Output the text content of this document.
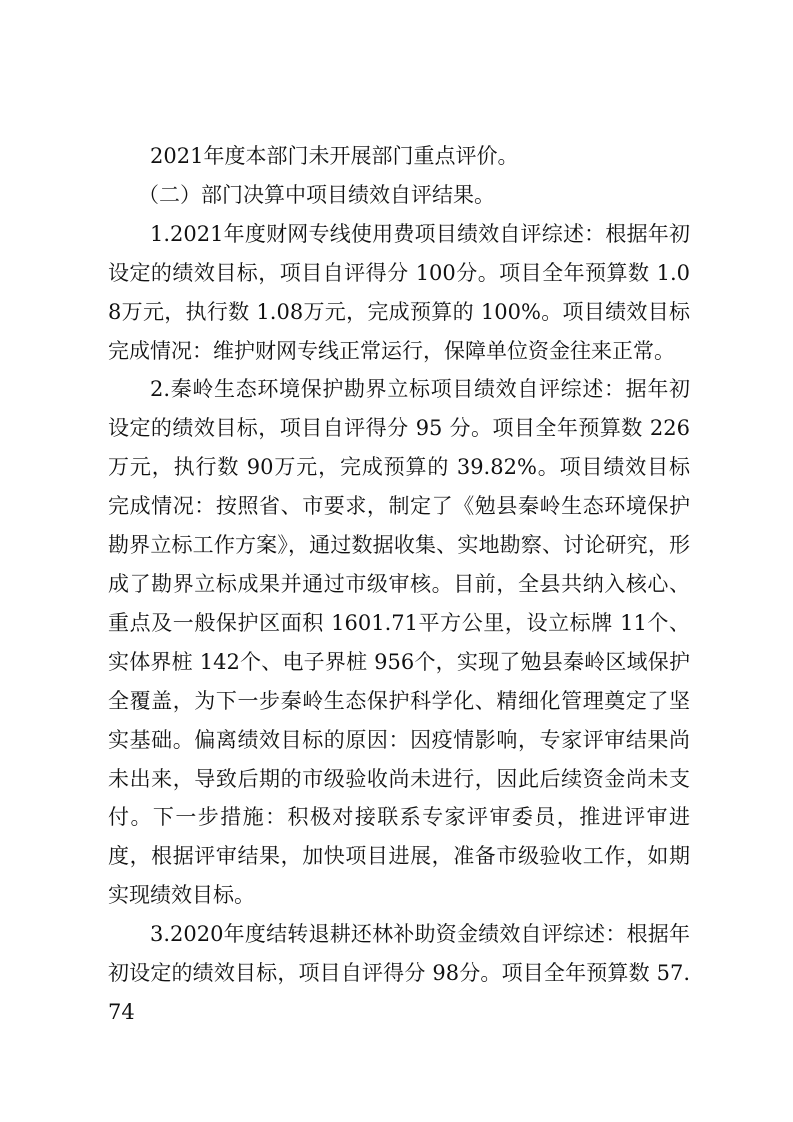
2021年度本部门未开展部门重点评价。

（二）部门决算中项目绩效自评结果。

1.2021年度财网专线使用费项目绩效自评综述：根据年初设定的绩效目标，项目自评得分 100分。项目全年预算数 1.08万元，执行数 1.08万元，完成预算的 100%。项目绩效目标完成情况：维护财网专线正常运行，保障单位资金往来正常。

2.秦岭生态环境保护勘界立标项目绩效自评综述：据年初设定的绩效目标，项目自评得分 95 分。项目全年预算数 226万元，执行数 90万元，完成预算的 39.82%。项目绩效目标完成情况：按照省、市要求，制定了《勉县秦岭生态环境保护勘界立标工作方案》，通过数据收集、实地勘察、讨论研究，形成了勘界立标成果并通过市级审核。目前，全县共纳入核心、重点及一般保护区面积 1601.71平方公里，设立标牌 11个、实体界桩 142个、电子界桩 956个，实现了勉县秦岭区域保护全覆盖，为下一步秦岭生态保护科学化、精细化管理奠定了坚实基础。偏离绩效目标的原因：因疫情影响，专家评审结果尚未出来，导致后期的市级验收尚未进行，因此后续资金尚未支付。下一步措施：积极对接联系专家评审委员，推进评审进度，根据评审结果，加快项目进展，准备市级验收工作，如期实现绩效目标。

3.2020年度结转退耕还林补助资金绩效自评综述：根据年初设定的绩效目标，项目自评得分 98分。项目全年预算数 57.74
